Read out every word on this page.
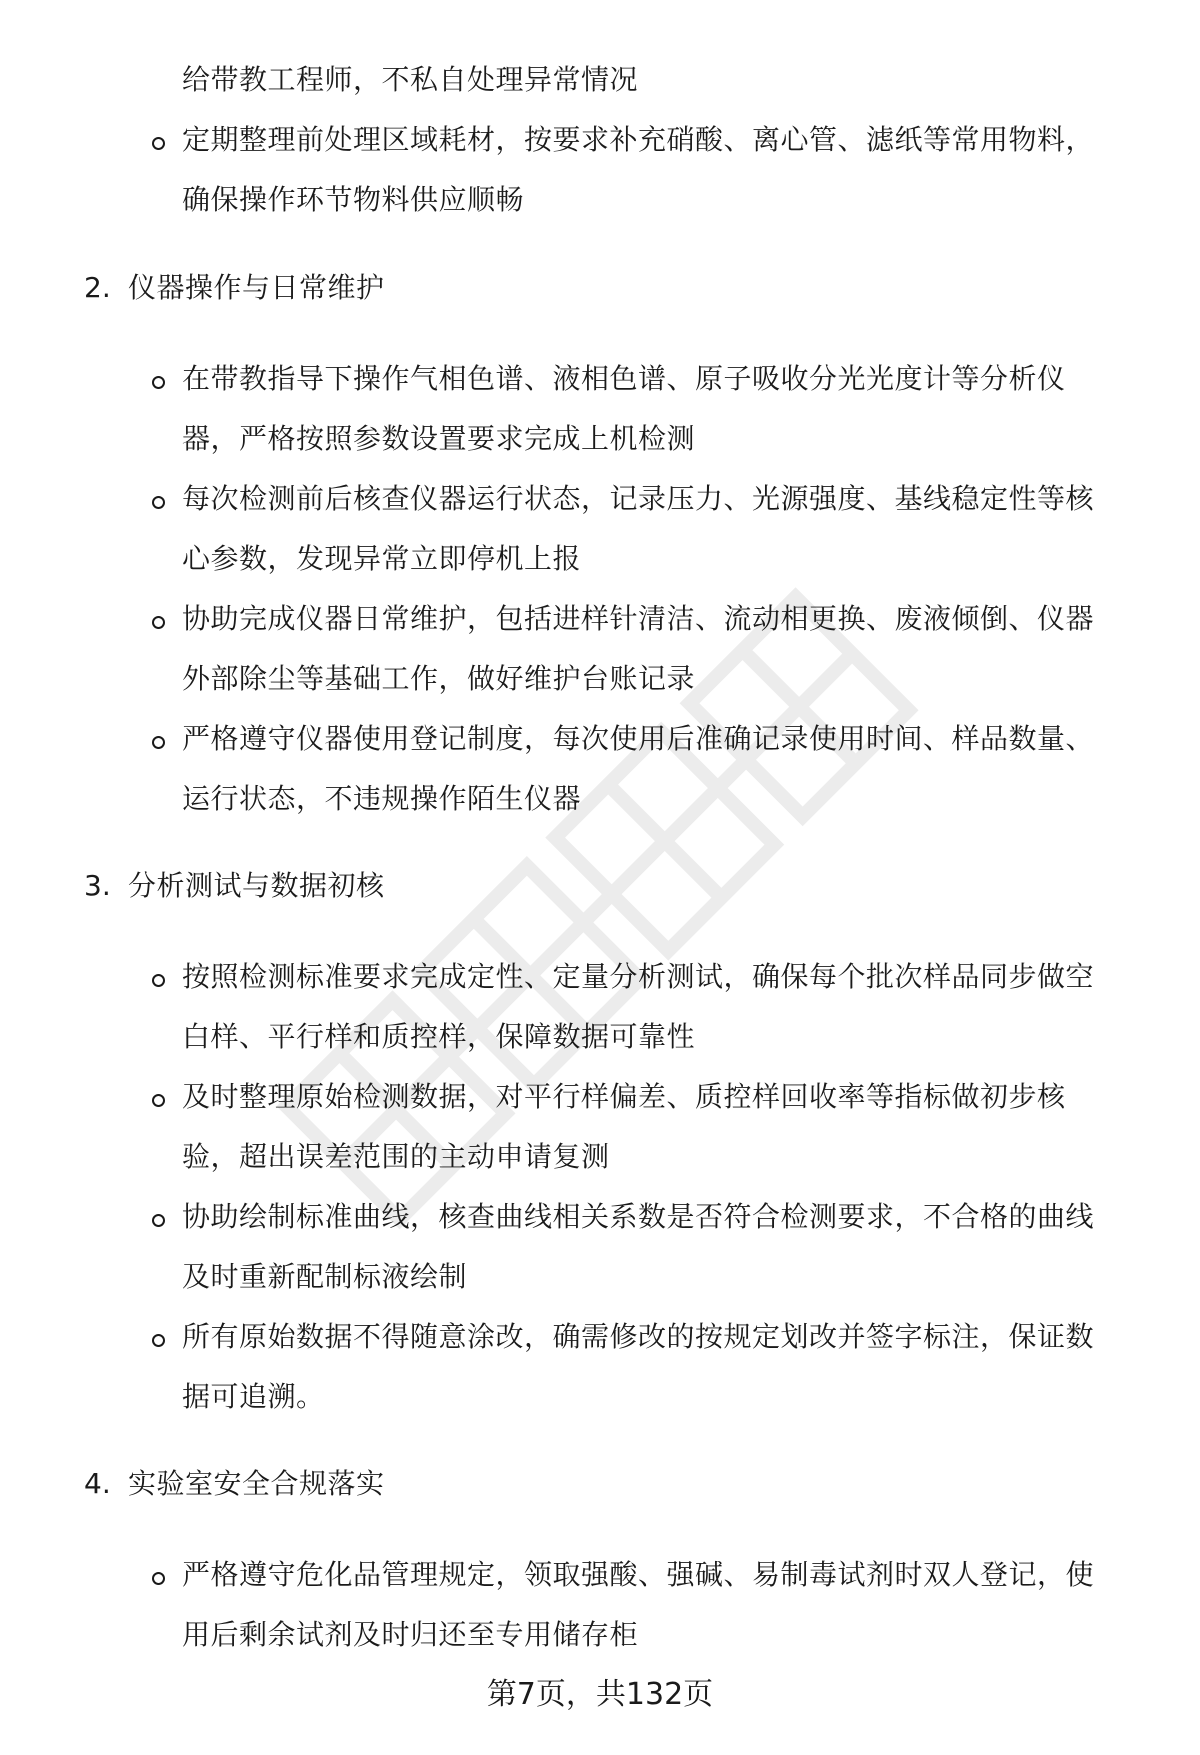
给带教工程师，不私自处理异常情况
定期整理前处理区域耗材，按要求补充硝酸、离心管、滤纸等常用物料，
确保操作环节物料供应顺畅
2. 仪器操作与日常维护
在带教指导下操作气相色谱、液相色谱、原子吸收分光光度计等分析仪
器，严格按照参数设置要求完成上机检测
每次检测前后核查仪器运行状态，记录压力、光源强度、基线稳定性等核
心参数，发现异常立即停机上报
协助完成仪器日常维护，包括进样针清洁、流动相更换、废液倾倒、仪器
外部除尘等基础工作，做好维护台账记录
严格遵守仪器使用登记制度，每次使用后准确记录使用时间、样品数量、
运行状态，不违规操作陌生仪器
3. 分析测试与数据初核
按照检测标准要求完成定性、定量分析测试，确保每个批次样品同步做空
白样、平行样和质控样，保障数据可靠性
及时整理原始检测数据，对平行样偏差、质控样回收率等指标做初步核
验，超出误差范围的主动申请复测
协助绘制标准曲线，核查曲线相关系数是否符合检测要求，不合格的曲线
及时重新配制标液绘制
所有原始数据不得随意涂改，确需修改的按规定划改并签字标注，保证数
据可追溯。
4. 实验室安全合规落实
严格遵守危化品管理规定，领取强酸、强碱、易制毒试剂时双人登记，使
用后剩余试剂及时归还至专用储存柜
第7页，共132页
